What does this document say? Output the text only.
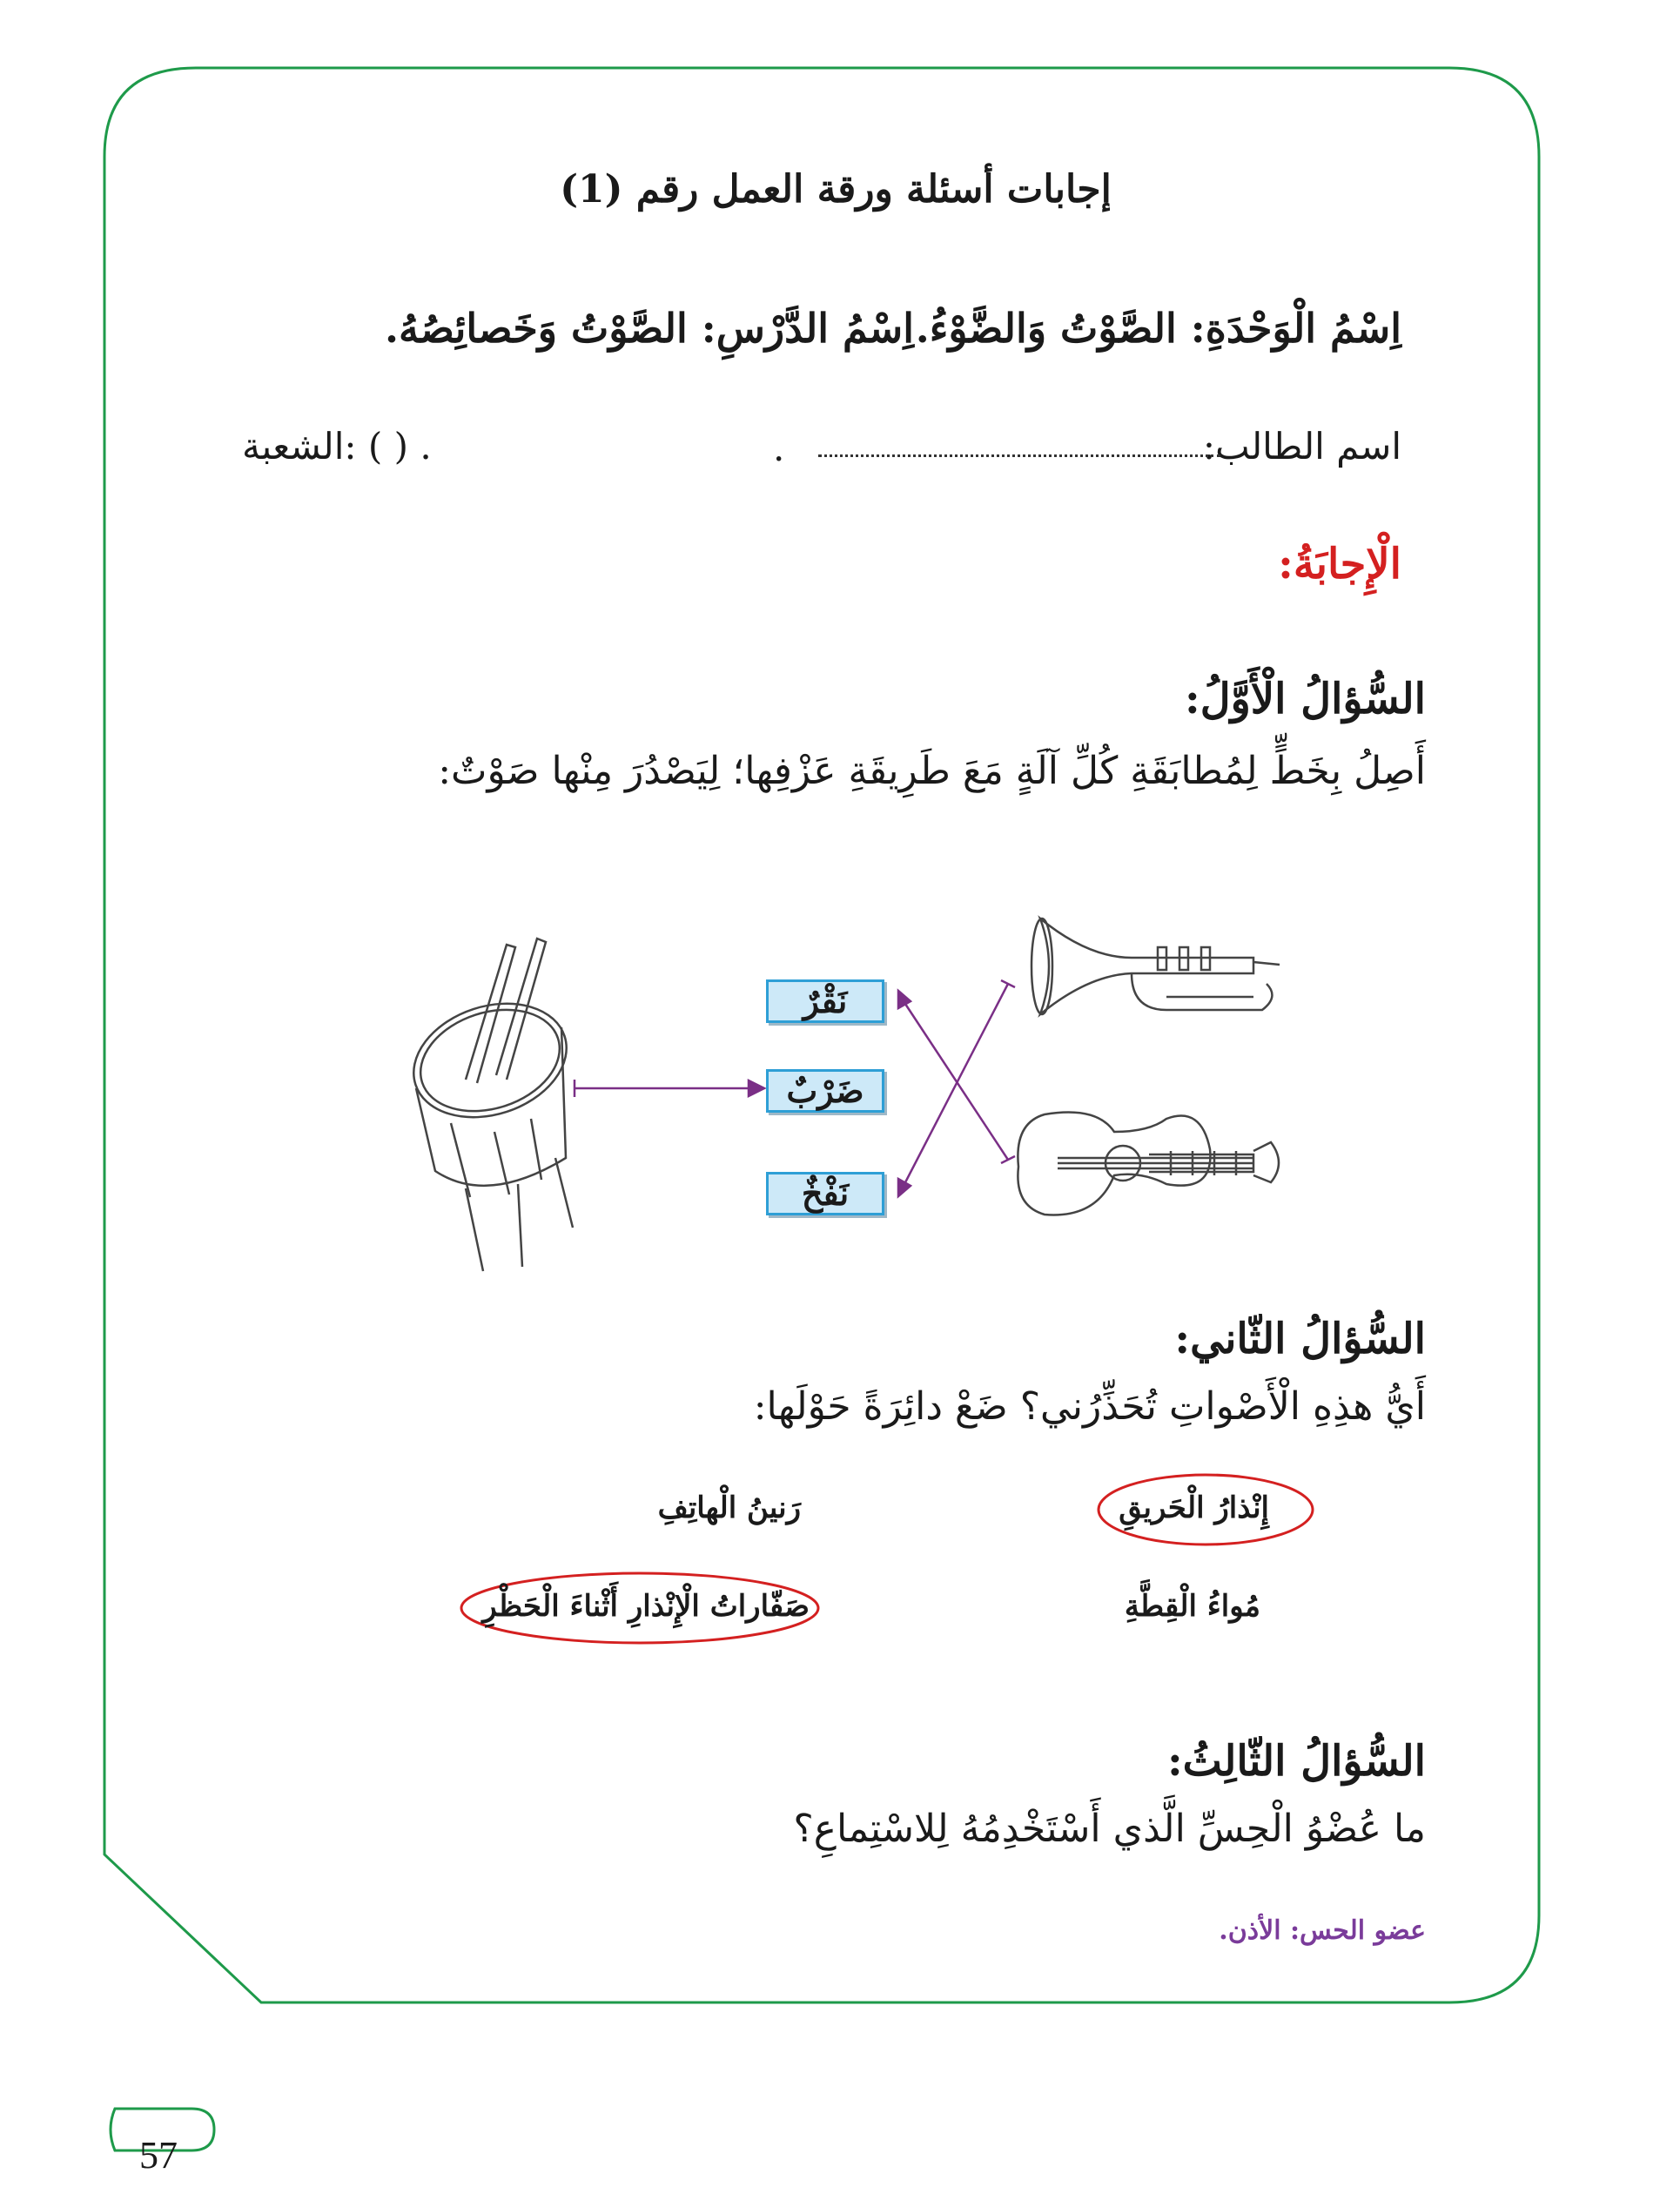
إجابات أسئلة ورقة العمل رقم (1)
اِسْمُ الْوَحْدَةِ: الصَّوْتُ وَالضَّوْءُ.
اِسْمُ الدَّرْسِ: الصَّوْتُ وَخَصائِصُهُ.
اسم الطالب:
.
الشعبة: ( ) .
الْإِجابَةُ:
السُّؤالُ الْأَوَّلُ:
أَصِلُ بِخَطٍّ لِمُطابَقَةِ كُلِّ آلَةٍ مَعَ طَرِيقَةِ عَزْفِها؛ لِيَصْدُرَ مِنْها صَوْتٌ:
نَقْرٌ
ضَرْبٌ
نَفْخٌ
السُّؤالُ الثّاني:
أَيُّ هذِهِ الْأَصْواتِ تُحَذِّرُني؟ ضَعْ دائِرَةً حَوْلَها:
إِنْذارُ الْحَريقِ
رَنينُ الْهاتِفِ
مُواءُ الْقِطَّةِ
صَفّاراتُ الْإِنْذارِ أَثْناءَ الْحَظْرِ
السُّؤالُ الثّالِثُ:
ما عُضْوُ الْحِسِّ الَّذي أَسْتَخْدِمُهُ لِلاسْتِماعِ؟
عضو الحس: الأذن.
57
